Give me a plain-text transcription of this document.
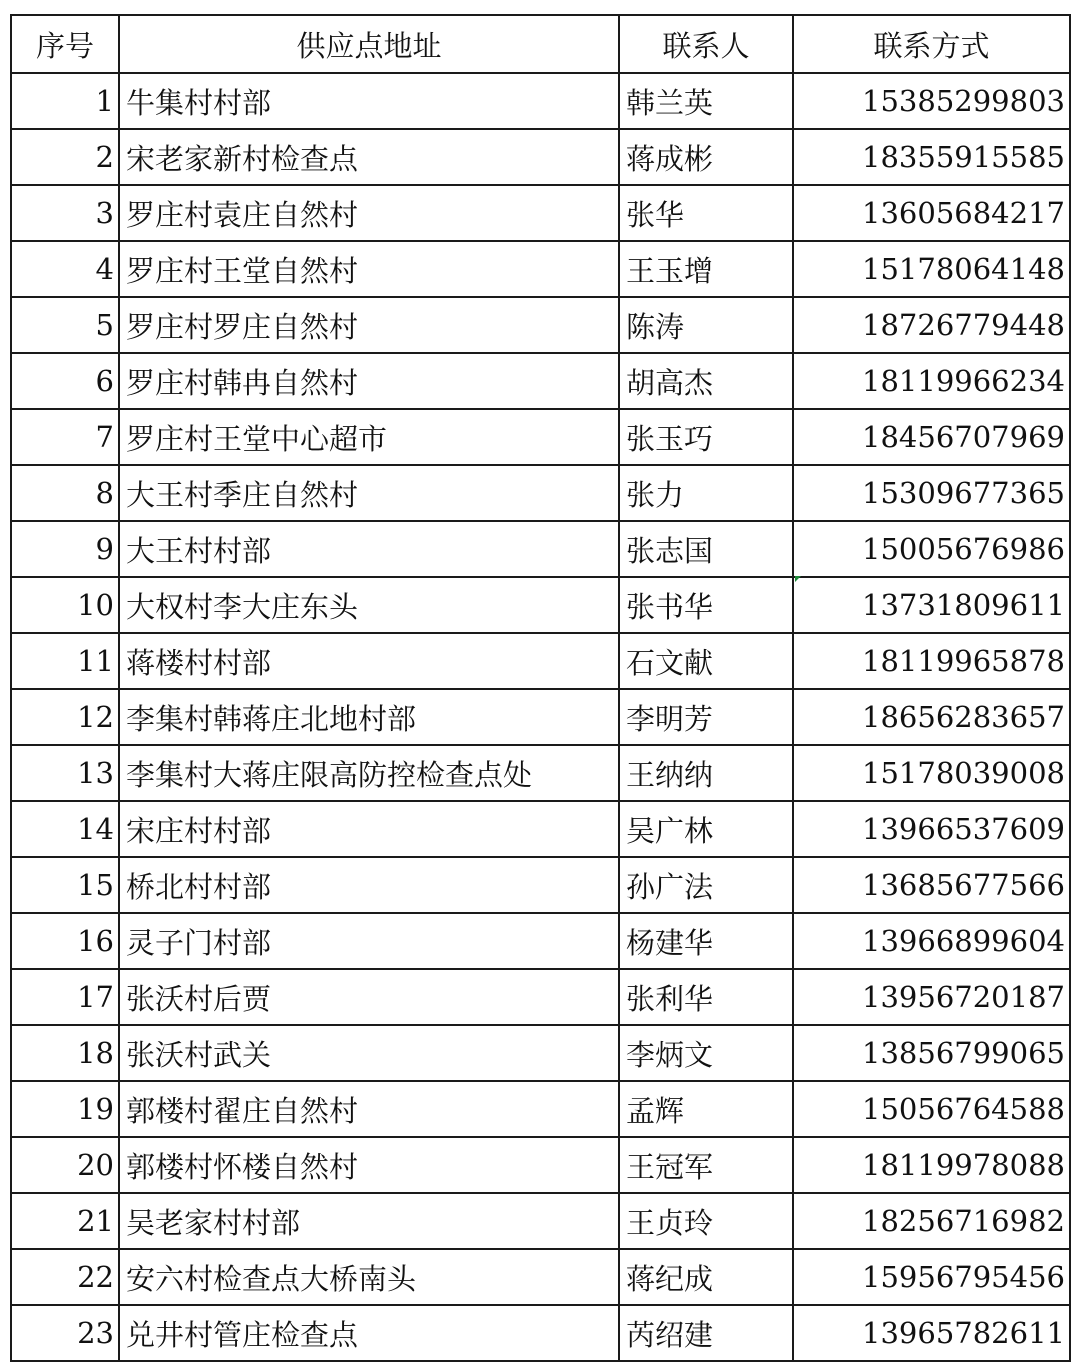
序号	供应点地址	联系人	联系方式
1	牛集村村部	韩兰英	15385299803
2	宋老家新村检查点	蒋成彬	18355915585
3	罗庄村袁庄自然村	张华	13605684217
4	罗庄村王堂自然村	王玉增	15178064148
5	罗庄村罗庄自然村	陈涛	18726779448
6	罗庄村韩冉自然村	胡高杰	18119966234
7	罗庄村王堂中心超市	张玉巧	18456707969
8	大王村季庄自然村	张力	15309677365
9	大王村村部	张志国	15005676986
10	大权村李大庄东头	张书华	13731809611
11	蒋楼村村部	石文献	18119965878
12	李集村韩蒋庄北地村部	李明芳	18656283657
13	李集村大蒋庄限高防控检查点处	王纳纳	15178039008
14	宋庄村村部	吴广林	13966537609
15	桥北村村部	孙广法	13685677566
16	灵子门村部	杨建华	13966899604
17	张沃村后贾	张利华	13956720187
18	张沃村武关	李炳文	13856799065
19	郭楼村翟庄自然村	孟辉	15056764588
20	郭楼村怀楼自然村	王冠军	18119978088
21	吴老家村村部	王贞玲	18256716982
22	安六村检查点大桥南头	蒋纪成	15956795456
23	兑井村管庄检查点	芮绍建	13965782611
